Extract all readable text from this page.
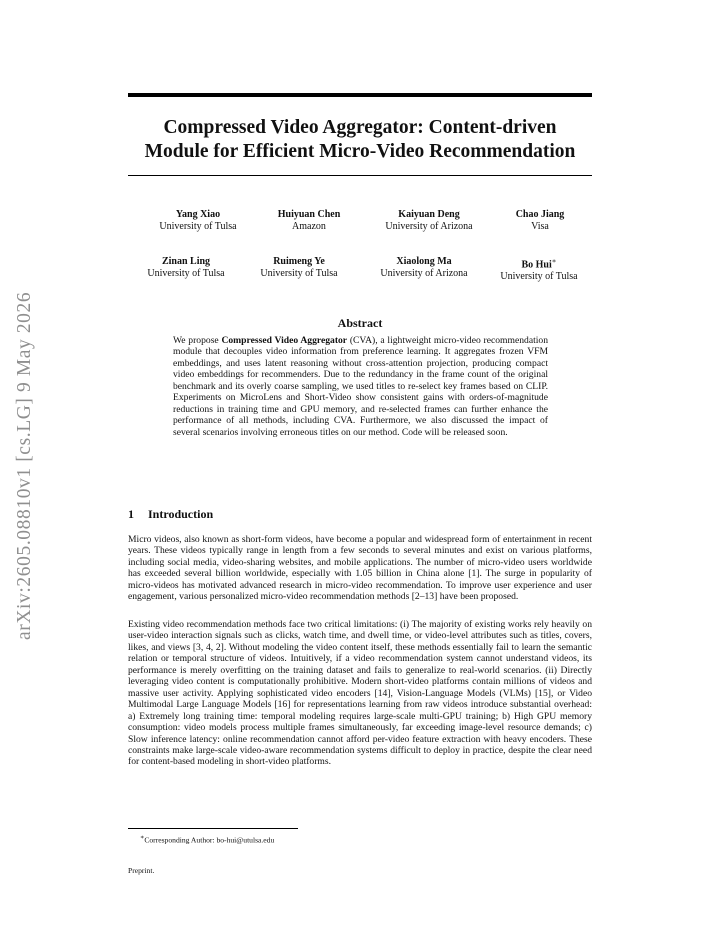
arXiv:2605.08810v1 [cs.LG] 9 May 2026
Compressed Video Aggregator: Content-driven
Module for Efficient Micro-Video Recommendation
Yang Xiao
University of Tulsa
Huiyuan Chen
Amazon
Kaiyuan Deng
University of Arizona
Chao Jiang
Visa
Zinan Ling
University of Tulsa
Ruimeng Ye
University of Tulsa
Xiaolong Ma
University of Arizona
Bo Hui∗
University of Tulsa
Abstract
We propose Compressed Video Aggregator (CVA), a lightweight micro-video recommendation module that decouples video information from preference learning. It aggregates frozen VFM embeddings, and uses latent reasoning without cross-attention projection, producing compact video embeddings for recommenders. Due to the redundancy in the frame count of the original benchmark and its overly coarse sampling, we used titles to re-select key frames based on CLIP. Experiments on MicroLens and Short-Video show consistent gains with orders-of-magnitude reductions in training time and GPU memory, and re-selected frames can further enhance the performance of all methods, including CVA. Furthermore, we also discussed the impact of several scenarios involving erroneous titles on our method. Code will be released soon.
1 Introduction
Micro videos, also known as short-form videos, have become a popular and widespread form of entertainment in recent years. These videos typically range in length from a few seconds to several minutes and exist on various platforms, including social media, video-sharing websites, and mobile applications. The number of micro-video users worldwide has exceeded several billion worldwide, especially with 1.05 billion in China alone [1]. The surge in popularity of micro-videos has motivated advanced research in micro-video recommendation. To improve user experience and user engagement, various personalized micro-video recommendation methods [2–13] have been proposed.
Existing video recommendation methods face two critical limitations: (i) The majority of existing works rely heavily on user-video interaction signals such as clicks, watch time, and dwell time, or video-level attributes such as titles, covers, likes, and views [3, 4, 2]. Without modeling the video content itself, these methods essentially fail to learn the semantic relation or temporal structure of videos. Intuitively, if a video recommendation system cannot understand videos, its performance is merely overfitting on the training dataset and fails to generalize to real-world scenarios. (ii) Directly leveraging video content is computationally prohibitive. Modern short-video platforms contain millions of videos and massive user activity. Applying sophisticated video encoders [14], Vision-Language Models (VLMs) [15], or Video Multimodal Large Language Models [16] for representations learning from raw videos introduce substantial overhead: a) Extremely long training time: temporal modeling requires large-scale multi-GPU training; b) High GPU memory consumption: video models process multiple frames simultaneously, far exceeding image-level resource demands; c) Slow inference latency: online recommendation cannot afford per-video feature extraction with heavy encoders. These constraints make large-scale video-aware recommendation systems difficult to deploy in practice, despite the clear need for content-based modeling in short-video platforms.
∗Corresponding Author: bo-hui@utulsa.edu
Preprint.
